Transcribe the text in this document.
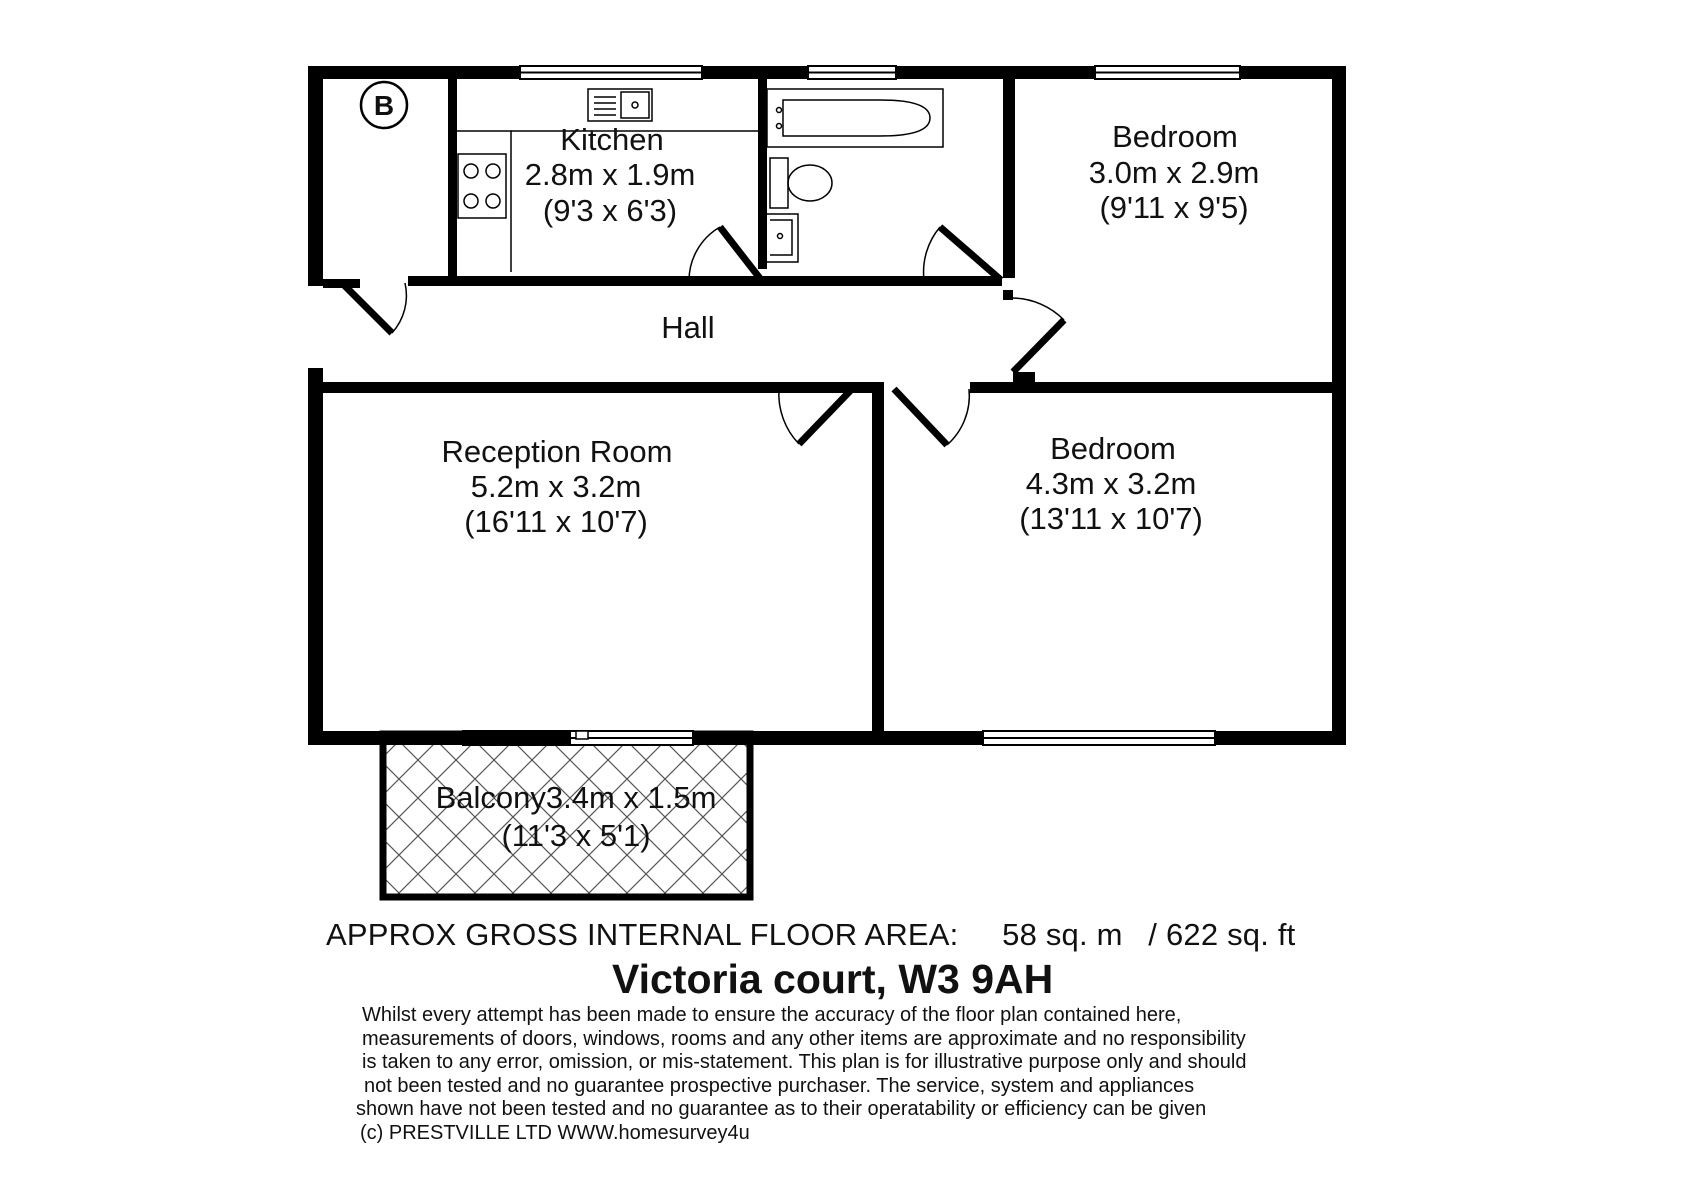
Balcony3.4m x 1.5m
(11'3 x 5'1)
B
Kitchen
2.8m x 1.9m
(9'3 x 6'3)
Bedroom
3.0m x 2.9m
(9'11 x 9'5)
Hall
Reception Room
5.2m x 3.2m
(16'11 x 10'7)
Bedroom
4.3m x 3.2m
(13'11 x 10'7)
APPROX GROSS INTERNAL FLOOR AREA: 58 sq. m / 622 sq. ft
Victoria court, W3 9AH
Whilst every attempt has been made to ensure the accuracy of the floor plan contained here,
measurements of doors, windows, rooms and any other items are approximate and no responsibility
is taken to any error, omission, or mis-statement. This plan is for illustrative purpose only and should
not been tested and no guarantee prospective purchaser. The service, system and appliances
shown have not been tested and no guarantee as to their operatability or efficiency can be given
(c) PRESTVILLE LTD WWW.homesurvey4u
